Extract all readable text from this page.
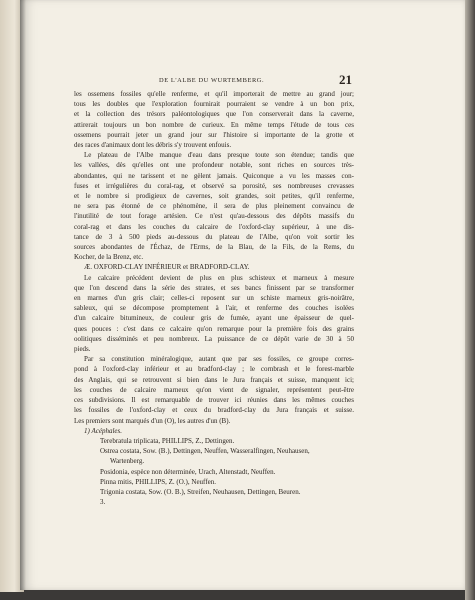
DE L'ALBE DU WURTEMBERG.	21
les ossemens fossiles qu'elle renferme, et qu'il importerait de mettre au grand jour;
tous les doubles que l'exploration fournirait pourraient se vendre à un bon prix,
et la collection des trésors paléontologiques que l'on conserverait dans la caverne,
attirerait toujours un bon nombre de curieux. En même temps l'étude de tous ces
ossemens pourrait jeter un grand jour sur l'histoire si importante de la grotte et
des races d'animaux dont les débris s'y trouvent enfouis.
Le plateau de l'Albe manque d'eau dans presque toute son étendue; tandis que
les vallées, dès qu'elles ont une profondeur notable, sont riches en sources très-
abondantes, qui ne tarissent et ne gèlent jamais. Quiconque a vu les masses con-
fuses et irrégulières du coral-rag, et observé sa porosité, ses nombreuses crevasses
et le nombre si prodigieux de cavernes, soit grandes, soit petites, qu'il renferme,
ne sera pas étonné de ce phénomène, il sera de plus pleinement convaincu de
l'inutilité de tout forage artésien. Ce n'est qu'au-dessous des dépôts massifs du
coral-rag et dans les couches du calcaire de l'oxford-clay supérieur, à une dis-
tance de 3 à 500 pieds au-dessous du plateau de l'Albe, qu'on voit sortir les
sources abondantes de l'Échaz, de l'Erms, de la Blau, de la Fils, de la Rems, du
Kocher, de la Brenz, etc.
Æ. OXFORD-CLAY INFÉRIEUR et BRADFORD-CLAY.
Le calcaire précédent devient de plus en plus schisteux et marneux à mesure
que l'on descend dans la série des strates, et ses bancs finissent par se transformer
en marnes d'un gris clair; celles-ci reposent sur un schiste marneux gris-noirâtre,
sableux, qui se décompose promptement à l'air, et renferme des couches isolées
d'un calcaire bitumineux, de couleur gris de fumée, ayant une épaisseur de quel-
ques pouces : c'est dans ce calcaire qu'on remarque pour la première fois des grains
oolitiques disséminés et peu nombreux. La puissance de ce dépôt varie de 30 à 50
pieds.
Par sa constitution minéralogique, autant que par ses fossiles, ce groupe corres-
pond à l'oxford-clay inférieur et au bradford-clay ; le cornbrash et le forest-marble
des Anglais, qui se retrouvent si bien dans le Jura français et suisse, manquent ici;
les couches de calcaire marneux qu'on vient de signaler, représentent peut-être
ces subdivisions. Il est remarquable de trouver ici réunies dans les mêmes couches
les fossiles de l'oxford-clay et ceux du bradford-clay du Jura français et suisse.
Les premiers sont marqués d'un (O), les autres d'un (B).
1) Acéphales.
Terebratula triplicata, PHILLIPS, Z., Dettingen.
Ostrea costata, Sow. (B.), Dettingen, Neuffen, Wasseralfingen, Neuhausen,
Wartenberg.
Posidonia, espèce non déterminée, Urach, Altenstadt, Neuffen.
Pinna mitis, PHILLIPS, Z. (O.), Neuffen.
Trigonia costata, Sow. (O. B.), Streifen, Neuhausen, Dettingen, Beuren.
3.
